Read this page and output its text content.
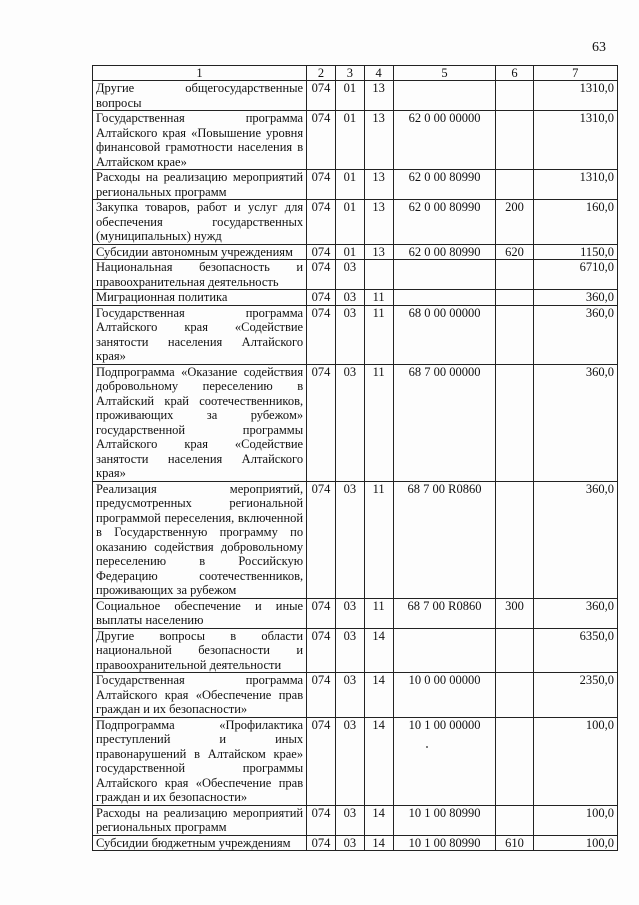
63
1	2	3	4	5	6	7
Другие общегосударственные вопросы	074	01	13			1310,0
Государственная программа Алтайского края «Повышение уровня финансовой грамотности населения в Алтайском крае»	074	01	13	62 0 00 00000		1310,0
Расходы на реализацию мероприятий региональных программ	074	01	13	62 0 00 80990		1310,0
Закупка товаров, работ и услуг для обеспечения государственных (муниципальных) нужд	074	01	13	62 0 00 80990	200	160,0
Субсидии автономным учреждениям	074	01	13	62 0 00 80990	620	1150,0
Национальная безопасность и правоохранительная деятельность	074	03				6710,0
Миграционная политика	074	03	11			360,0
Государственная программа Алтайского края «Содействие занятости населения Алтайского края»	074	03	11	68 0 00 00000		360,0
Подпрограмма «Оказание содействия добровольному переселению в Алтайский край соотечественников, проживающих за рубежом» государственной программы Алтайского края «Содействие занятости населения Алтайского края»	074	03	11	68 7 00 00000		360,0
Реализация мероприятий, предусмотренных региональной программой переселения, включенной в Государственную программу по оказанию содействия добровольному переселению в Российскую Федерацию соотечественников, проживающих за рубежом	074	03	11	68 7 00 R0860		360,0
Социальное обеспечение и иные выплаты населению	074	03	11	68 7 00 R0860	300	360,0
Другие вопросы в области национальной безопасности и правоохранительной деятельности	074	03	14			6350,0
Государственная программа Алтайского края «Обеспечение прав граждан и их безопасности»	074	03	14	10 0 00 00000		2350,0
Подпрограмма «Профилактика преступлений и иных правонарушений в Алтайском крае» государственной программы Алтайского края «Обеспечение прав граждан и их безопасности»	074	03	14	10 1 00 00000		100,0
Расходы на реализацию мероприятий региональных программ	074	03	14	10 1 00 80990		100,0
Субсидии бюджетным учреждениям	074	03	14	10 1 00 80990	610	100,0
